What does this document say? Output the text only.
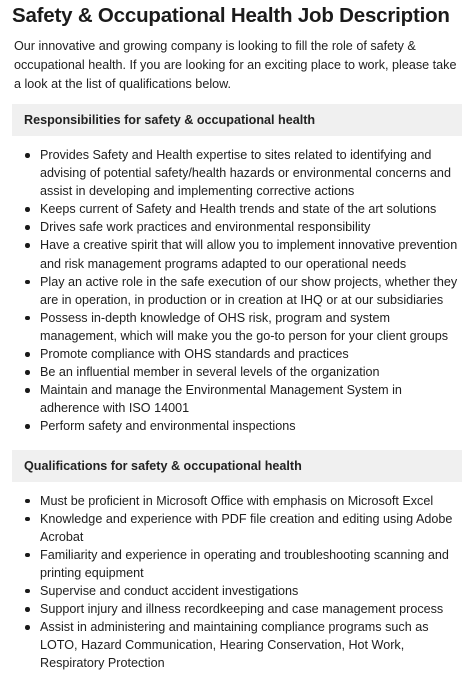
Safety & Occupational Health Job Description

Our innovative and growing company is looking to fill the role of safety & occupational health. If you are looking for an exciting place to work, please take a look at the list of qualifications below.

Responsibilities for safety & occupational health
Provides Safety and Health expertise to sites related to identifying and advising of potential safety/health hazards or environmental concerns and assist in developing and implementing corrective actions
Keeps current of Safety and Health trends and state of the art solutions
Drives safe work practices and environmental responsibility
Have a creative spirit that will allow you to implement innovative prevention and risk management programs adapted to our operational needs
Play an active role in the safe execution of our show projects, whether they are in operation, in production or in creation at IHQ or at our subsidiaries
Possess in-depth knowledge of OHS risk, program and system management, which will make you the go-to person for your client groups
Promote compliance with OHS standards and practices
Be an influential member in several levels of the organization
Maintain and manage the Environmental Management System in adherence with ISO 14001
Perform safety and environmental inspections
Qualifications for safety & occupational health
Must be proficient in Microsoft Office with emphasis on Microsoft Excel
Knowledge and experience with PDF file creation and editing using Adobe Acrobat
Familiarity and experience in operating and troubleshooting scanning and printing equipment
Supervise and conduct accident investigations
Support injury and illness recordkeeping and case management process
Assist in administering and maintaining compliance programs such as LOTO, Hazard Communication, Hearing Conservation, Hot Work, Respiratory Protection
